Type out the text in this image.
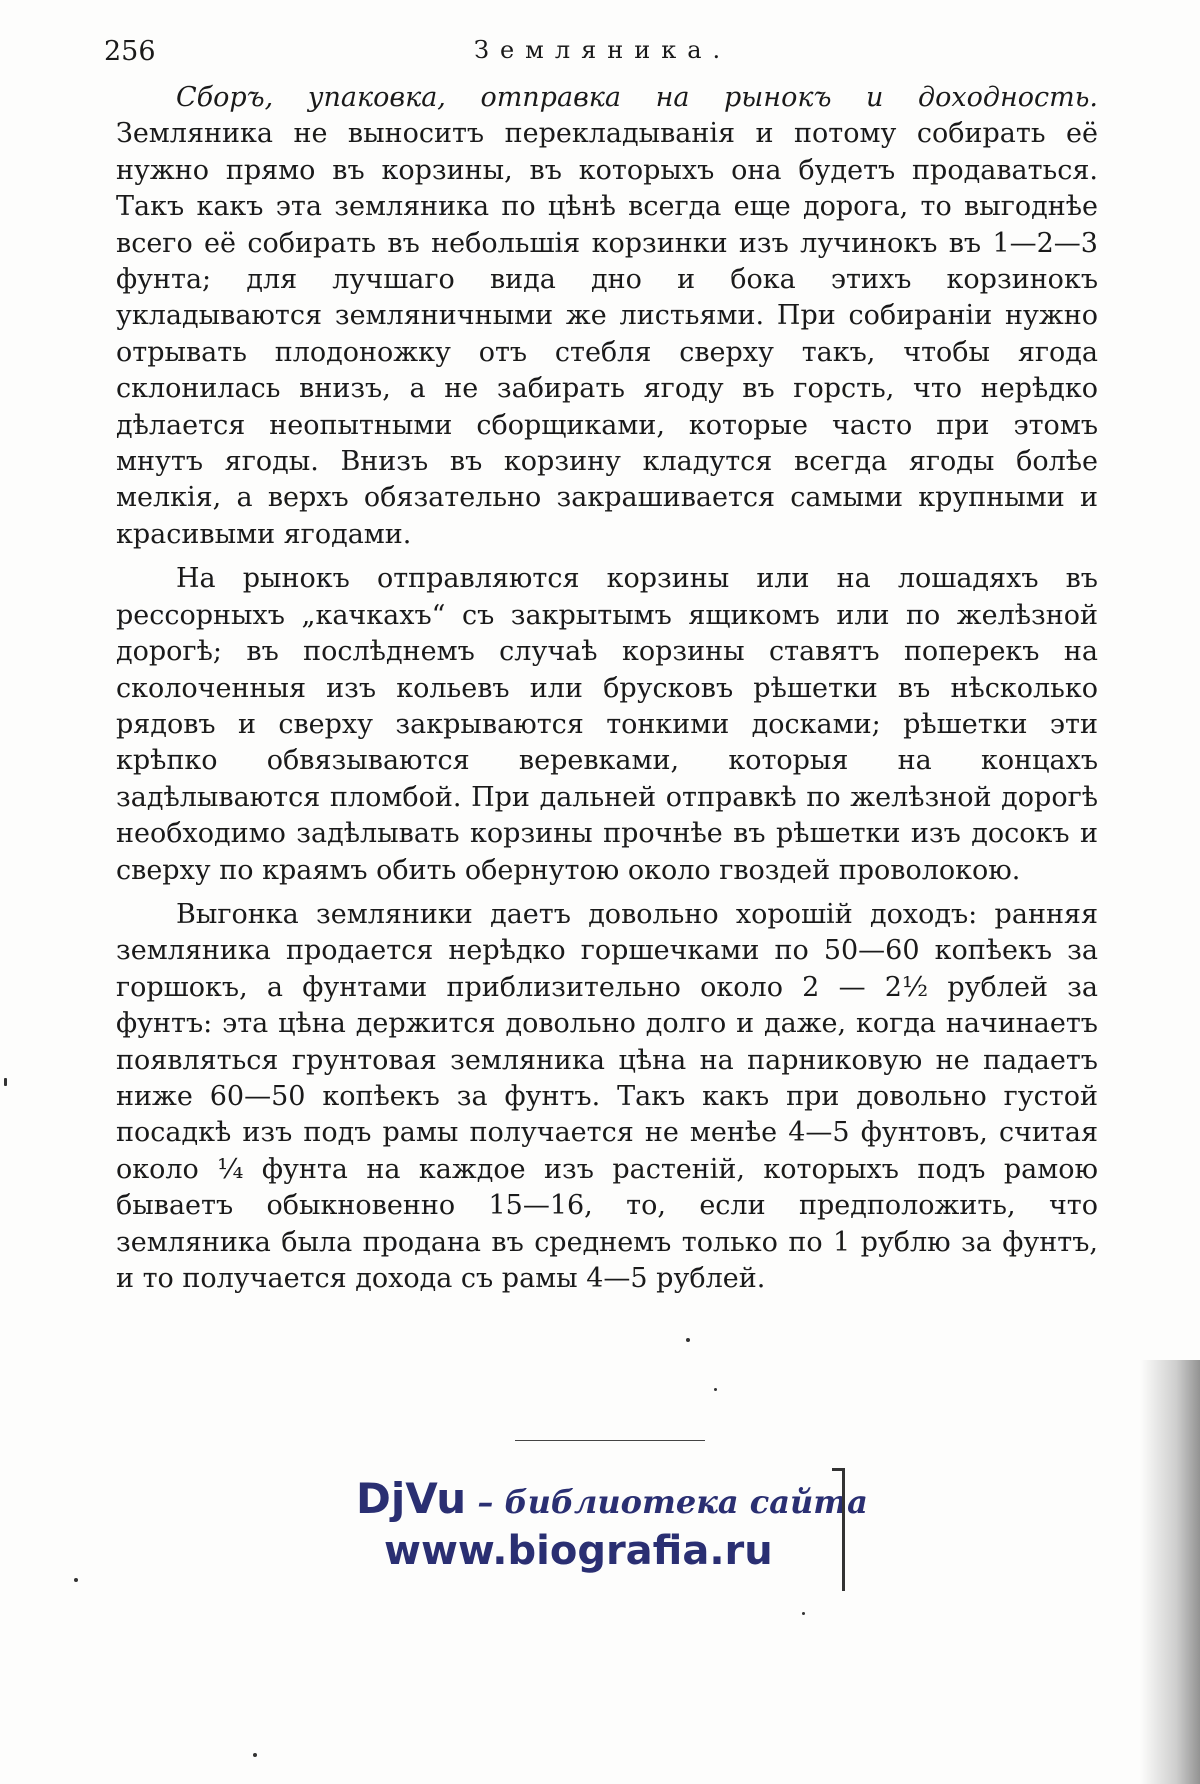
256	Земляника.

Сборъ, упаковка, отправка на рынокъ и доходность. Земляника не выноситъ перекладыванія и потому собирать её нужно прямо въ корзины, въ которыхъ она будетъ продаваться. Такъ какъ эта земляника по цѣнѣ всегда еще дорога, то выгоднѣе всего её собирать въ небольшія корзинки изъ лучинокъ въ 1—2—3 фунта; для лучшаго вида дно и бока этихъ корзинокъ укладываются земляничными же листьями. При собираніи нужно отрывать плодоножку отъ стебля сверху такъ, чтобы ягода склонилась внизъ, а не забирать ягоду въ горсть, что нерѣдко дѣлается неопытными сборщиками, которые часто при этомъ мнутъ ягоды. Внизъ въ корзину кладутся всегда ягоды болѣе мелкія, а верхъ обязательно закрашивается самыми крупными и красивыми ягодами.

На рынокъ отправляются корзины или на лошадяхъ въ рессорныхъ „качкахъ“ съ закрытымъ ящикомъ или по желѣзной дорогѣ; въ послѣднемъ случаѣ корзины ставятъ поперекъ на сколоченныя изъ кольевъ или брусковъ рѣшетки въ нѣсколько рядовъ и сверху закрываются тонкими досками; рѣшетки эти крѣпко обвязываются веревками, которыя на концахъ задѣлываются пломбой. При дальней отправкѣ по желѣзной дорогѣ необходимо задѣлывать корзины прочнѣе въ рѣшетки изъ досокъ и сверху по краямъ обить обернутою около гвоздей проволокою.

Выгонка земляники даетъ довольно хорошій доходъ: ранняя земляника продается нерѣдко горшечками по 50—60 копѣекъ за горшокъ, а фунтами приблизительно около 2 — 2½ рублей за фунтъ: эта цѣна держится довольно долго и даже, когда начинаетъ появляться грунтовая земляника цѣна на парниковую не падаетъ ниже 60—50 копѣекъ за фунтъ. Такъ какъ при довольно густой посадкѣ изъ подъ рамы получается не менѣе 4—5 фунтовъ, считая около ¼ фунта на каждое изъ растеній, которыхъ подъ рамою бываетъ обыкновенно 15—16, то, если предположить, что земляника была продана въ среднемъ только по 1 рублю за фунтъ, и то получается дохода съ рамы 4—5 рублей.

DjVu – библиотека сайта
www.biografia.ru
